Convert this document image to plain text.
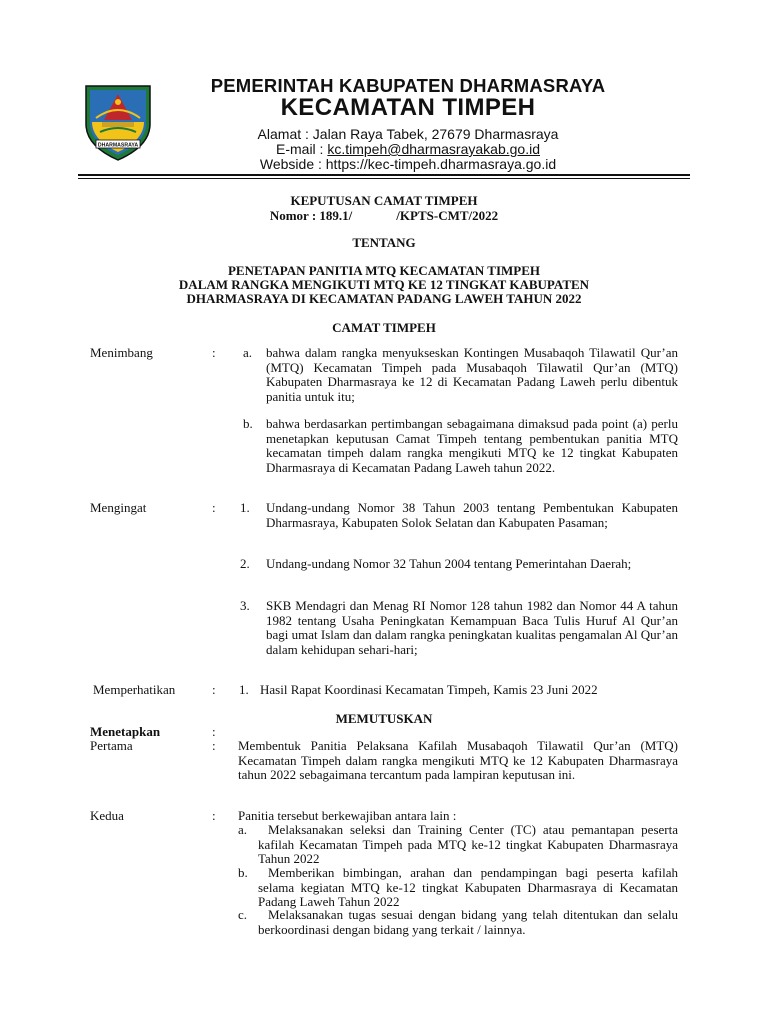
DHARMASRAYA
PEMERINTAH KABUPATEN DHARMASRAYA
KECAMATAN TIMPEH
Alamat : Jalan Raya Tabek, 27679 Dharmasraya
E-mail : kc.timpeh@dharmasrayakab.go.id
Webside : https://kec-timpeh.dharmasraya.go.id
KEPUTUSAN CAMAT TIMPEH
Nomor : 189.1/	/KPTS-CMT/2022
TENTANG
PENETAPAN PANITIA MTQ KECAMATAN TIMPEH
DALAM RANGKA MENGIKUTI MTQ KE 12 TINGKAT KABUPATEN
DHARMASRAYA DI KECAMATAN PADANG LAWEH TAHUN 2022
CAMAT TIMPEH
Menimbang	: a. bahwa dalam rangka menyukseskan Kontingen Musabaqoh Tilawatil Qur’an (MTQ) Kecamatan Timpeh pada Musabaqoh Tilawatil Qur’an (MTQ) Kabupaten Dharmasraya ke 12 di Kecamatan Padang Laweh perlu dibentuk panitia untuk itu;
b. bahwa berdasarkan pertimbangan sebagaimana dimaksud pada point (a) perlu menetapkan keputusan Camat Timpeh tentang pembentukan panitia MTQ kecamatan timpeh dalam rangka mengikuti MTQ ke 12 tingkat Kabupaten Dharmasraya di Kecamatan Padang Laweh tahun 2022.
Mengingat	: 1. Undang-undang Nomor 38 Tahun 2003 tentang Pembentukan Kabupaten Dharmasraya, Kabupaten Solok Selatan dan Kabupaten Pasaman;
2. Undang-undang Nomor 32 Tahun 2004 tentang Pemerintahan Daerah;
3. SKB Mendagri dan Menag RI Nomor 128 tahun 1982 dan Nomor 44 A tahun 1982 tentang Usaha Peningkatan Kemampuan Baca Tulis Huruf Al Qur’an bagi umat Islam dan dalam rangka peningkatan kualitas pengamalan Al Qur’an dalam kehidupan sehari-hari;
Memperhatikan	: 1. Hasil Rapat Koordinasi Kecamatan Timpeh, Kamis 23 Juni 2022
MEMUTUSKAN
Menetapkan	:
Pertama	: Membentuk Panitia Pelaksana Kafilah Musabaqoh Tilawatil Qur’an (MTQ) Kecamatan Timpeh dalam rangka mengikuti MTQ ke 12 Kabupaten Dharmasraya tahun 2022 sebagaimana tercantum pada lampiran keputusan ini.
Kedua	: Panitia tersebut berkewajiban antara lain :
a.	Melaksanakan seleksi dan Training Center (TC) atau pemantapan peserta kafilah Kecamatan Timpeh pada MTQ ke-12 tingkat Kabupaten Dharmasraya Tahun 2022
b.	Memberikan bimbingan, arahan dan pendampingan bagi peserta kafilah selama kegiatan MTQ ke-12 tingkat Kabupaten Dharmasraya di Kecamatan Padang Laweh Tahun 2022
c.	Melaksanakan tugas sesuai dengan bidang yang telah ditentukan dan selalu berkoordinasi dengan bidang yang terkait / lainnya.
